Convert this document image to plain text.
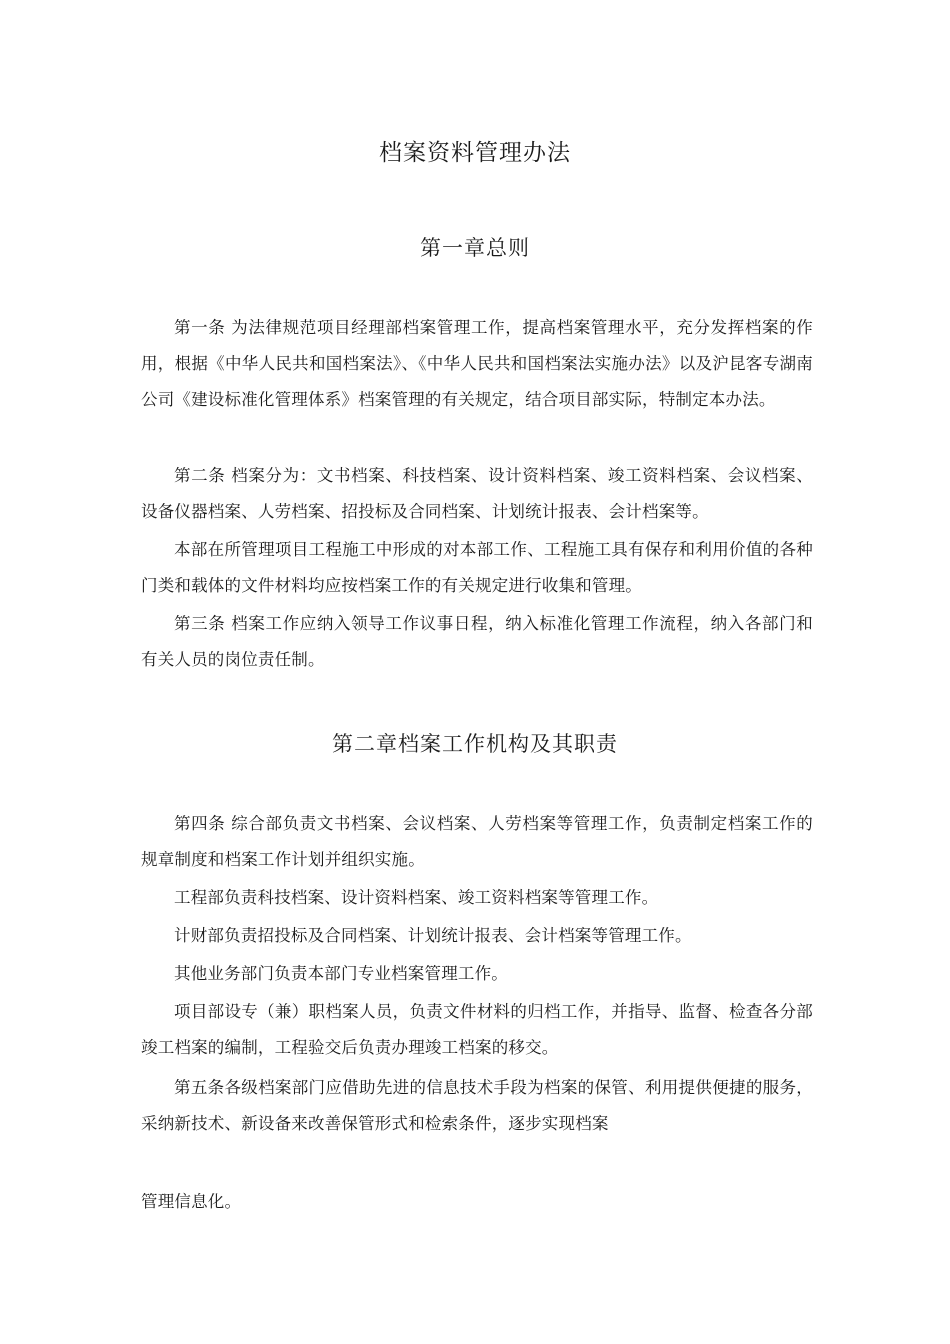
档案资料管理办法
第一章总则

第一条 为法律规范项目经理部档案管理工作，提高档案管理水平，充分发挥档案的作用，根据《中华人民共和国档案法》、《中华人民共和国档案法实施办法》以及沪昆客专湖南公司《建设标准化管理体系》档案管理的有关规定，结合项目部实际，特制定本办法。

第二条 档案分为：文书档案、科技档案、设计资料档案、竣工资料档案、会议档案、设备仪器档案、人劳档案、招投标及合同档案、计划统计报表、会计档案等。

本部在所管理项目工程施工中形成的对本部工作、工程施工具有保存和利用价值的各种门类和载体的文件材料均应按档案工作的有关规定进行收集和管理。

第三条 档案工作应纳入领导工作议事日程，纳入标准化管理工作流程，纳入各部门和有关人员的岗位责任制。

第二章档案工作机构及其职责

第四条 综合部负责文书档案、会议档案、人劳档案等管理工作，负责制定档案工作的规章制度和档案工作计划并组织实施。

工程部负责科技档案、设计资料档案、竣工资料档案等管理工作。

计财部负责招投标及合同档案、计划统计报表、会计档案等管理工作。

其他业务部门负责本部门专业档案管理工作。

项目部设专（兼）职档案人员，负责文件材料的归档工作，并指导、监督、检查各分部竣工档案的编制，工程验交后负责办理竣工档案的移交。

第五条各级档案部门应借助先进的信息技术手段为档案的保管、利用提供便捷的服务，采纳新技术、新设备来改善保管形式和检索条件，逐步实现档案

管理信息化。
